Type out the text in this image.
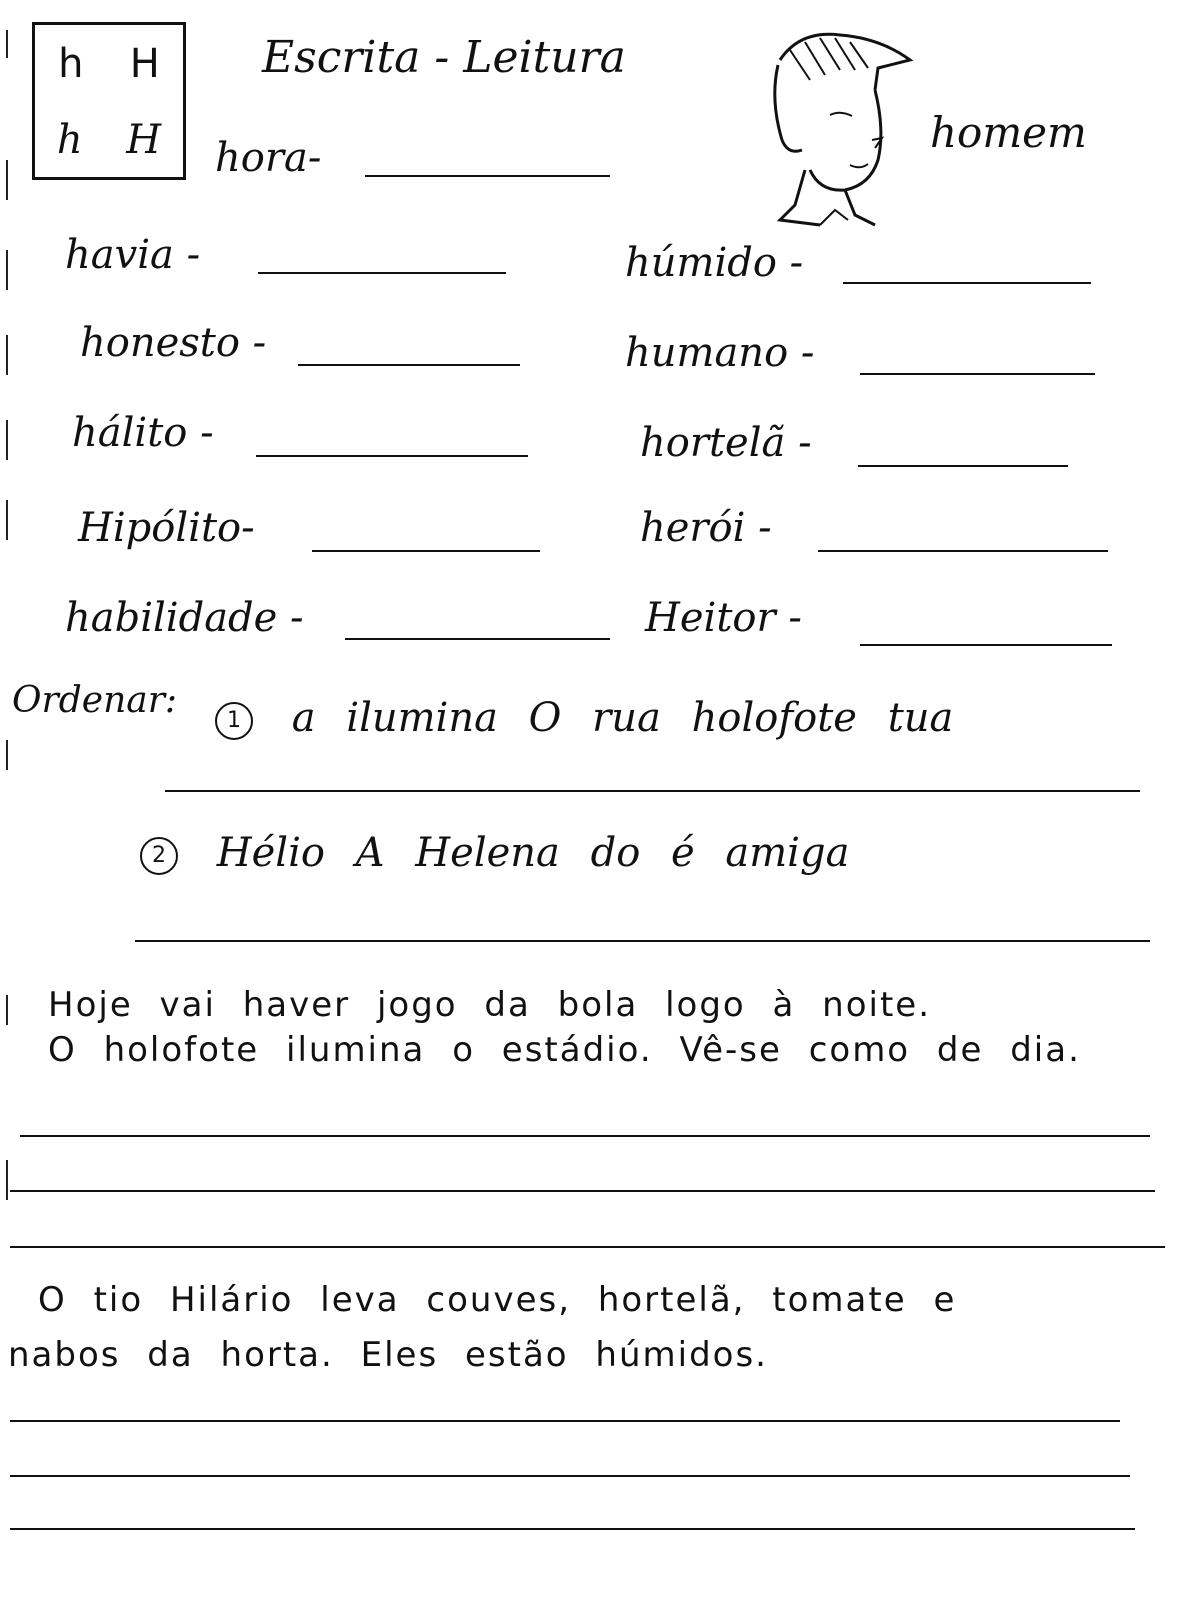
h H
h H
Escrita - Leitura
hora-
homem
havia -
honesto -
hálito -
Hipólito-
habilidade -
húmido -
humano -
hortelã -
herói -
Heitor -
Ordenar:	1 a ilumina O rua holofote tua
2 Hélio A Helena do é amiga
Hoje vai haver jogo da bola logo à noite.
O holofote ilumina o estádio. Vê-se como de dia.
O tio Hilário leva couves, hortelã, tomate e
nabos da horta. Eles estão húmidos.
